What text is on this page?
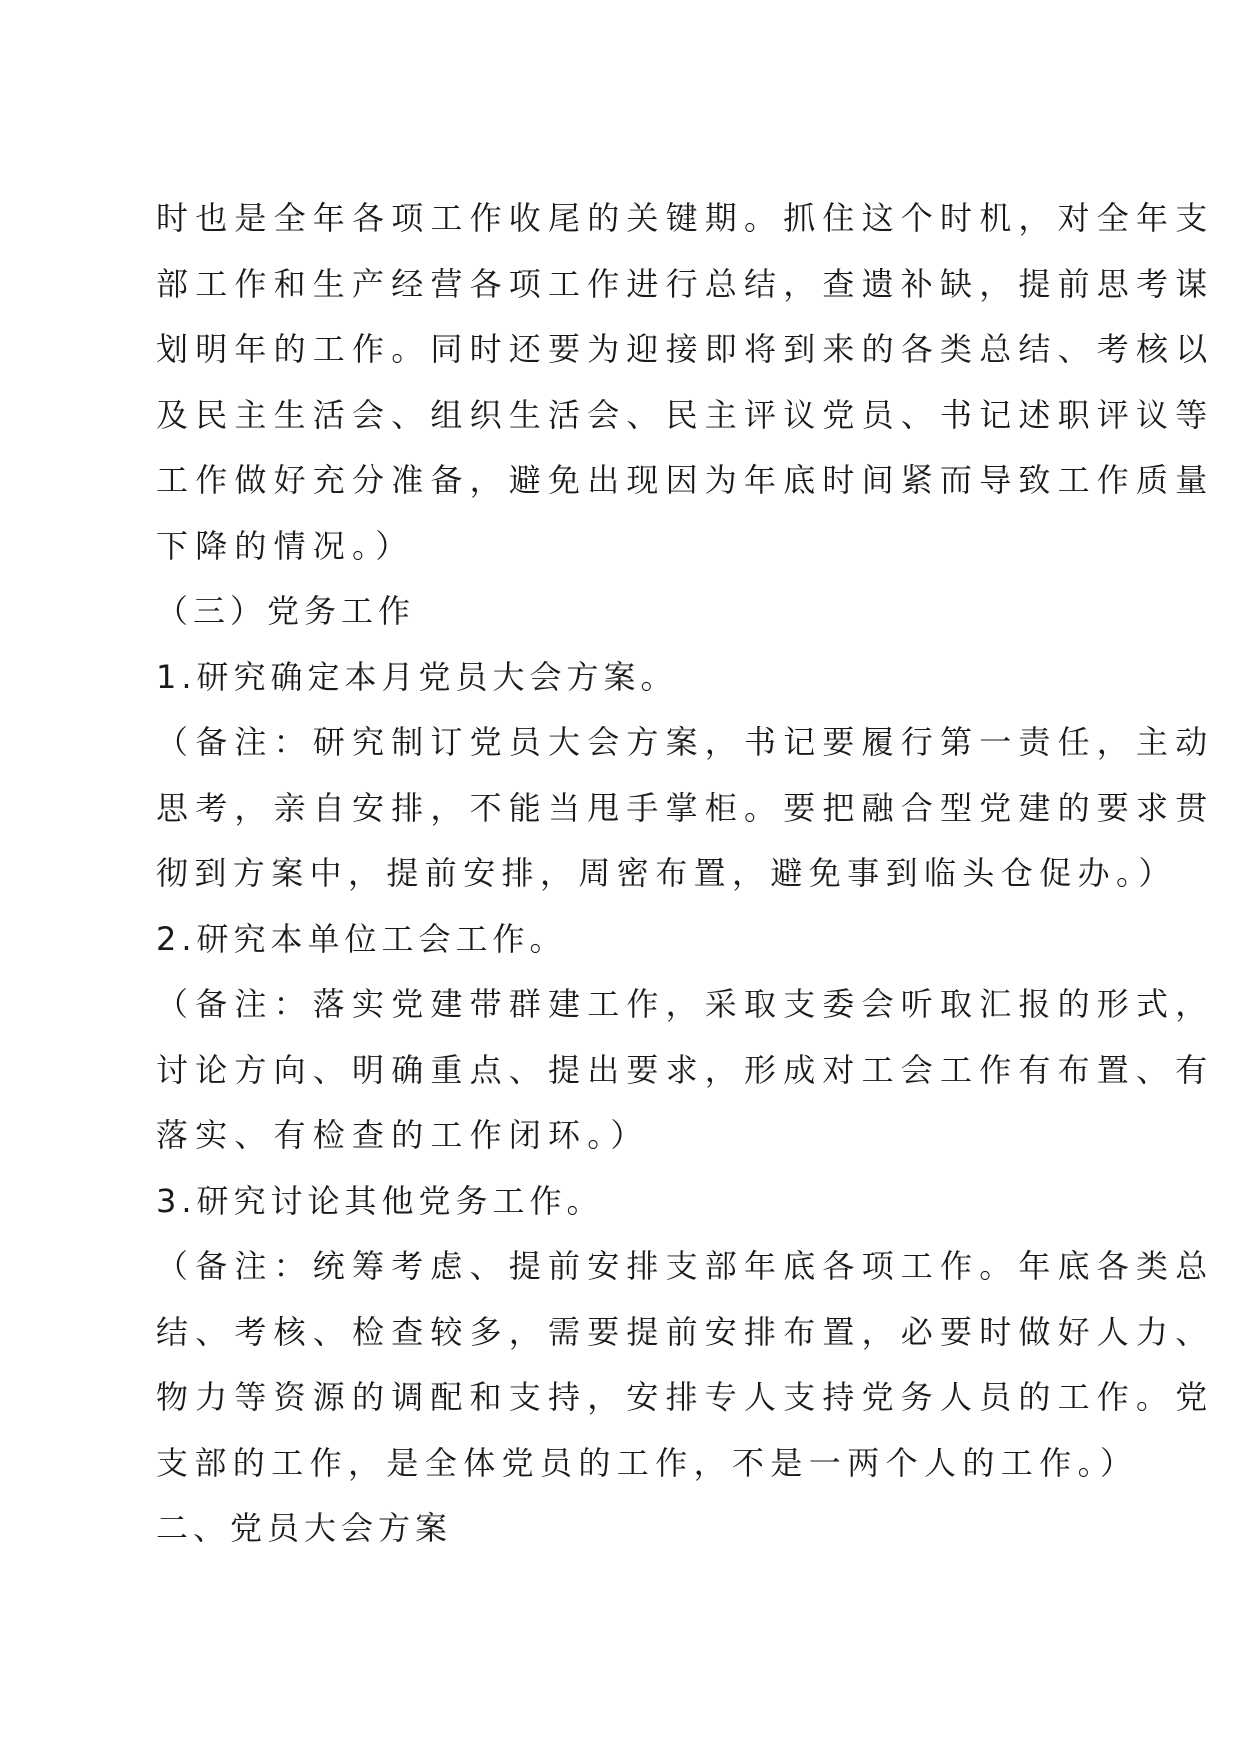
时也是全年各项工作收尾的关键期。抓住这个时机，对全年支
部工作和生产经营各项工作进行总结，查遗补缺，提前思考谋
划明年的工作。同时还要为迎接即将到来的各类总结、考核以
及民主生活会、组织生活会、民主评议党员、书记述职评议等
工作做好充分准备，避免出现因为年底时间紧而导致工作质量
下降的情况。）
（三）党务工作
1.研究确定本月党员大会方案。
（备注：研究制订党员大会方案，书记要履行第一责任，主动
思考，亲自安排，不能当甩手掌柜。要把融合型党建的要求贯
彻到方案中，提前安排，周密布置，避免事到临头仓促办。）
2.研究本单位工会工作。
（备注：落实党建带群建工作，采取支委会听取汇报的形式，
讨论方向、明确重点、提出要求，形成对工会工作有布置、有
落实、有检查的工作闭环。）
3.研究讨论其他党务工作。
（备注：统筹考虑、提前安排支部年底各项工作。年底各类总
结、考核、检查较多，需要提前安排布置，必要时做好人力、
物力等资源的调配和支持，安排专人支持党务人员的工作。党
支部的工作，是全体党员的工作，不是一两个人的工作。）
二、党员大会方案
